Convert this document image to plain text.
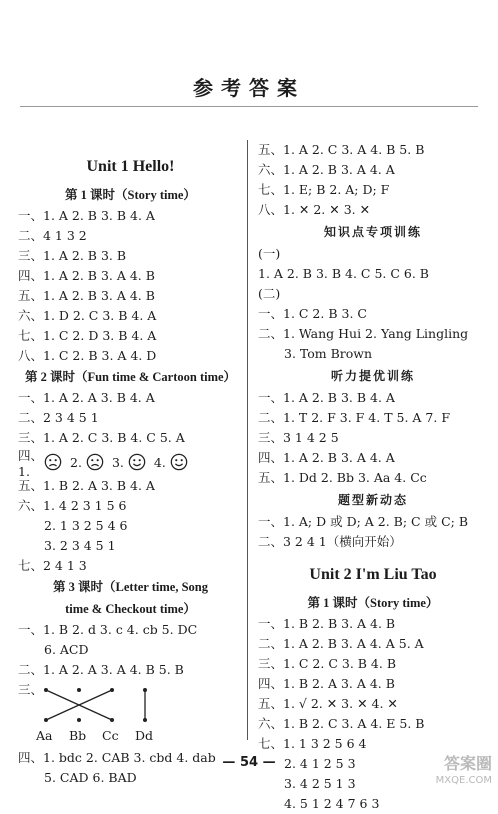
参考答案
Unit 1 Hello!
第 1 课时（Story time）
一、1. A 2. B 3. B 4. A
二、4 1 3 2
三、1. A 2. B 3. B
四、1. A 2. B 3. A 4. B
五、1. A 2. B 3. A 4. B
六、1. D 2. C 3. B 4. A
七、1. C 2. D 3. B 4. A
八、1. C 2. B 3. A 4. D
第 2 课时（Fun time & Cartoon time）
一、1. A 2. A 3. B 4. A
二、2 3 4 5 1
三、1. A 2. C 3. B 4. C 5. A
四、1.
2. 3. 4.
五、1. B 2. A 3. B 4. A
六、1. 4 2 3 1 5 6
2. 1 3 2 5 4 6
3. 2 3 4 5 1
七、2 4 1 3
第 3 课时（Letter time, Song
time & Checkout time）
一、1. B 2. d 3. c 4. cb 5. DC
6. ACD
二、1. A 2. A 3. A 4. B 5. B
三、
Aa	Bb	Cc	Dd
四、1. bdc 2. CAB 3. cbd 4. dab
5. CAD 6. BAD
五、1. A 2. C 3. A 4. B 5. B
六、1. A 2. B 3. A 4. A
七、1. E; B 2. A; D; F
八、1. ✕ 2. ✕ 3. ✕
知识点专项训练
(一)
1. A 2. B 3. B 4. C 5. C 6. B
(二)
一、1. C 2. B 3. C
二、1. Wang Hui 2. Yang Lingling
3. Tom Brown
听力提优训练
一、1. A 2. B 3. B 4. A
二、1. T 2. F 3. F 4. T 5. A 7. F
三、3 1 4 2 5
四、1. A 2. B 3. A 4. A
五、1. Dd 2. Bb 3. Aa 4. Cc
题型新动态
一、1. A; D 或 D; A 2. B; C 或 C; B
二、3 2 4 1（横向开始）
Unit 2 I'm Liu Tao
第 1 课时（Story time）
一、1. B 2. B 3. A 4. B
二、1. A 2. B 3. A 4. A 5. A
三、1. C 2. C 3. B 4. B
四、1. B 2. A 3. A 4. B
五、1. √ 2. ✕ 3. ✕ 4. ✕
六、1. B 2. C 3. A 4. E 5. B
七、1. 1 3 2 5 6 4
2. 4 1 2 5 3
3. 4 2 5 1 3
4. 5 1 2 4 7 6 3
— 54 —	答案圈
MXQE.COM
